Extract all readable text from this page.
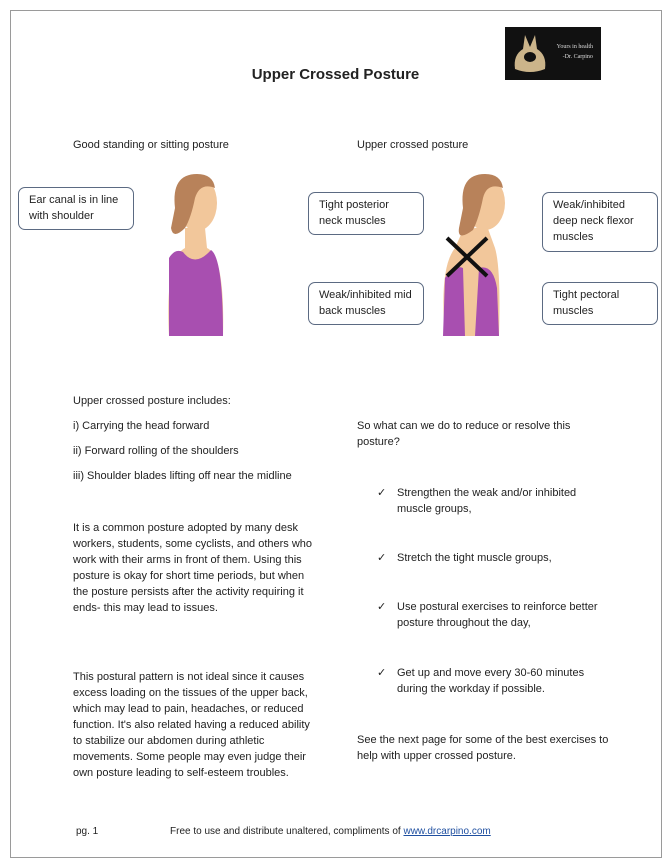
Yours in health
-Dr. Carpino
Upper Crossed Posture
Good standing or sitting posture	Upper crossed posture
Ear canal is in line with shoulder
Tight posterior neck muscles
Weak/inhibited mid back muscles
Weak/inhibited deep neck flexor muscles
Tight pectoral muscles
Upper crossed posture includes:
i) Carrying the head forward
ii) Forward rolling of the shoulders
iii) Shoulder blades lifting off near the midline
It is a common posture adopted by many desk workers, students, some cyclists, and others who work with their arms in front of them. Using this posture is okay for short time periods, but when the posture persists after the activity requiring it ends- this may lead to issues.
This postural pattern is not ideal since it causes excess loading on the tissues of the upper back, which may lead to pain, headaches, or reduced function. It's also related having a reduced ability to stabilize our abdomen during athletic movements. Some people may even judge their own posture leading to self-esteem troubles.
So what can we do to reduce or resolve this posture?
✓ Strengthen the weak and/or inhibited muscle groups,
✓ Stretch the tight muscle groups,
✓ Use postural exercises to reinforce better posture throughout the day,
✓ Get up and move every 30-60 minutes during the workday if possible.
See the next page for some of the best exercises to help with upper crossed posture.
pg. 1	Free to use and distribute unaltered, compliments of www.drcarpino.com
